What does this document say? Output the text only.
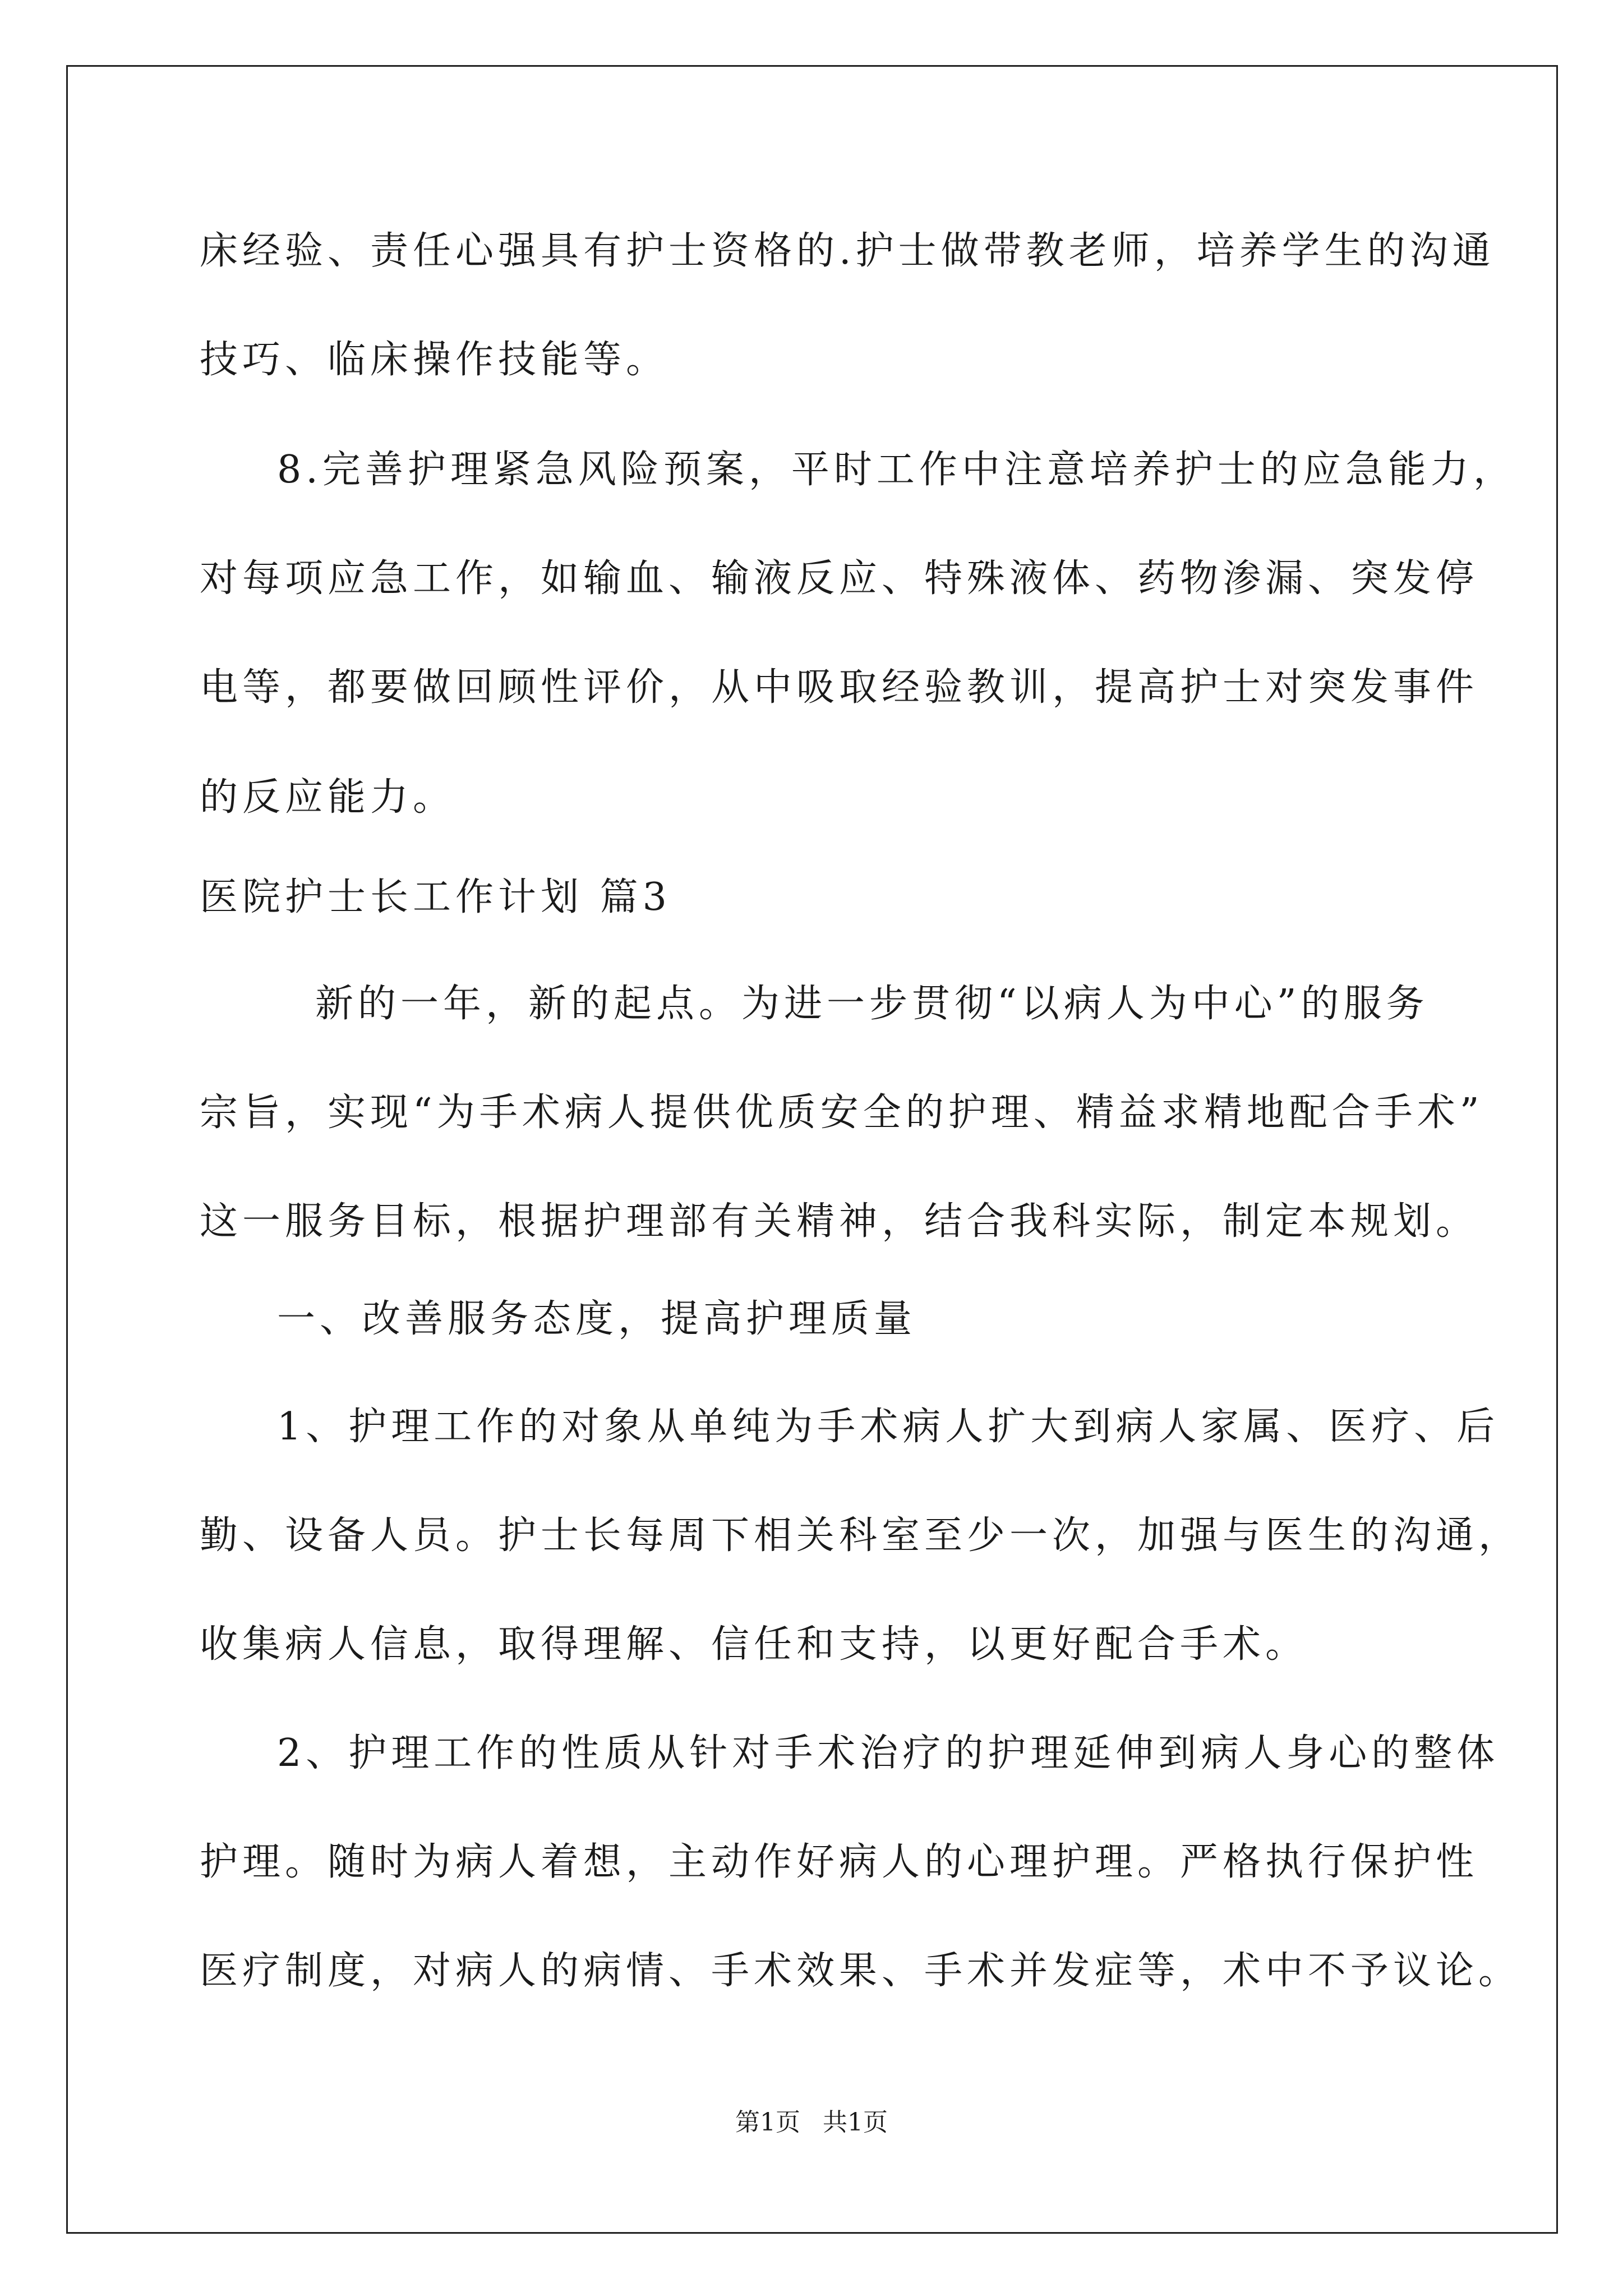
床经验、责任心强具有护士资格的.护士做带教老师，培养学生的沟通
技巧、临床操作技能等。
8.完善护理紧急风险预案，平时工作中注意培养护士的应急能力，
对每项应急工作，如输血、输液反应、特殊液体、药物渗漏、突发停
电等，都要做回顾性评价，从中吸取经验教训，提高护士对突发事件
的反应能力。
医院护士长工作计划 篇3
新的一年，新的起点。为进一步贯彻“以病人为中心”的服务
宗旨，实现“为手术病人提供优质安全的护理、精益求精地配合手术”
这一服务目标，根据护理部有关精神，结合我科实际，制定本规划。
一、改善服务态度，提高护理质量
1、护理工作的对象从单纯为手术病人扩大到病人家属、医疗、后
勤、设备人员。护士长每周下相关科室至少一次，加强与医生的沟通，
收集病人信息，取得理解、信任和支持，以更好配合手术。
2、护理工作的性质从针对手术治疗的护理延伸到病人身心的整体
护理。随时为病人着想，主动作好病人的心理护理。严格执行保护性
医疗制度，对病人的病情、手术效果、手术并发症等，术中不予议论。
第1页 共1页
